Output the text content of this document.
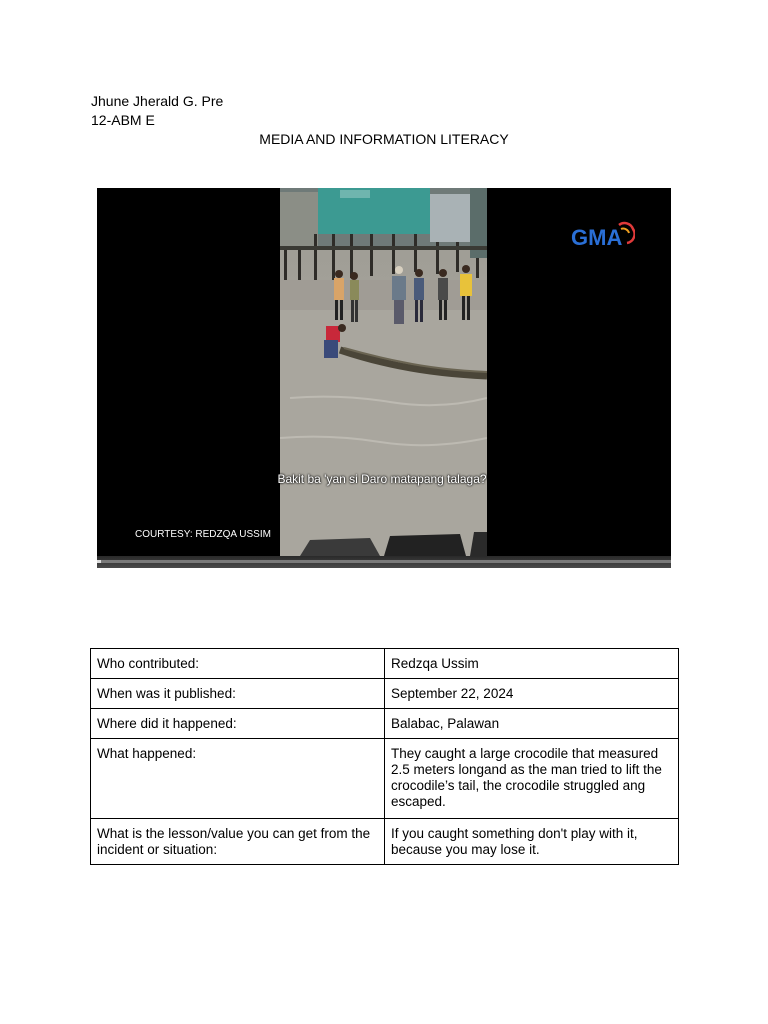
Jhune Jherald G. Pre
12-ABM E
MEDIA AND INFORMATION LITERACY
GMA
Bakit ba 'yan si Daro matapang talaga?
COURTESY: REDZQA USSIM
Who contributed:	Redzqa Ussim
When was it published:	September 22, 2024
Where did it happened:	Balabac, Palawan
What happened:	They caught a large crocodile that measured 2.5 meters longand as the man tried to lift the crocodile’s tail, the crocodile struggled ang escaped.
What is the lesson/value you can get from the incident or situation:	If you caught something don't play with it, because you may lose it.
